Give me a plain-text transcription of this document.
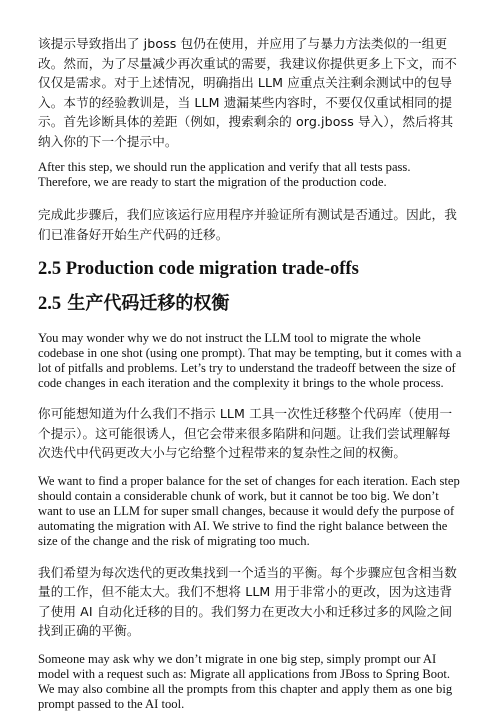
该提示导致指出了 jboss 包仍在使用，并应用了与暴力方法类似的一组更改。然而，为了尽量减少再次重试的需要，我建议你提供更多上下文，而不仅仅是需求。对于上述情况，明确指出 LLM 应重点关注剩余测试中的包导入。本节的经验教训是，当 LLM 遗漏某些内容时，不要仅仅重试相同的提示。首先诊断具体的差距（例如，搜索剩余的 org.jboss 导入），然后将其纳入你的下一个提示中。

After this step, we should run the application and verify that all tests pass. Therefore, we are ready to start the migration of the production code.

完成此步骤后，我们应该运行应用程序并验证所有测试是否通过。因此，我们已准备好开始生产代码的迁移。

2.5 Production code migration trade-offs
2.5 生产代码迁移的权衡

You may wonder why we do not instruct the LLM tool to migrate the whole codebase in one shot (using one prompt). That may be tempting, but it comes with a lot of pitfalls and problems. Let’s try to understand the tradeoff between the size of code changes in each iteration and the complexity it brings to the whole process.

你可能想知道为什么我们不指示 LLM 工具一次性迁移整个代码库（使用一个提示）。这可能很诱人，但它会带来很多陷阱和问题。让我们尝试理解每次迭代中代码更改大小与它给整个过程带来的复杂性之间的权衡。

We want to find a proper balance for the set of changes for each iteration. Each step should contain a considerable chunk of work, but it cannot be too big. We don’t want to use an LLM for super small changes, because it would defy the purpose of automating the migration with AI. We strive to find the right balance between the size of the change and the risk of migrating too much.

我们希望为每次迭代的更改集找到一个适当的平衡。每个步骤应包含相当数量的工作，但不能太大。我们不想将 LLM 用于非常小的更改，因为这违背了使用 AI 自动化迁移的目的。我们努力在更改大小和迁移过多的风险之间找到正确的平衡。

Someone may ask why we don’t migrate in one big step, simply prompt our AI model with a request such as: Migrate all applications from JBoss to Spring Boot. We may also combine all the prompts from this chapter and apply them as one big prompt passed to the AI tool.
